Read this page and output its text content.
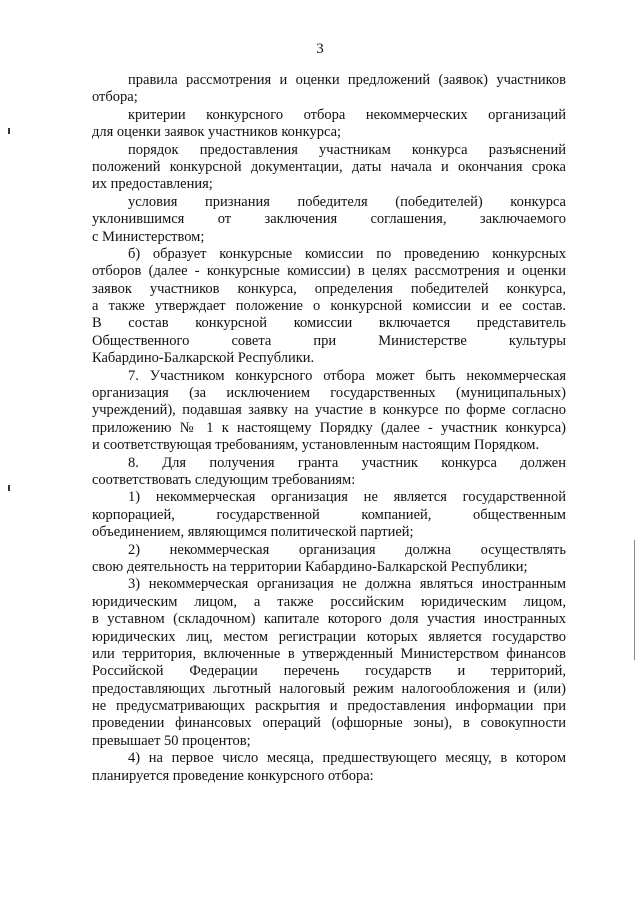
3
правила рассмотрения и оценки предложений (заявок) участников
отбора;
критерии конкурсного отбора некоммерческих организаций
для оценки заявок участников конкурса;
порядок предоставления участникам конкурса разъяснений
положений конкурсной документации, даты начала и окончания срока
их предоставления;
условия признания победителя (победителей) конкурса
уклонившимся от заключения соглашения, заключаемого
с Министерством;
б) образует конкурсные комиссии по проведению конкурсных
отборов (далее - конкурсные комиссии) в целях рассмотрения и оценки
заявок участников конкурса, определения победителей конкурса,
а также утверждает положение о конкурсной комиссии и ее состав.
В состав конкурсной комиссии включается представитель
Общественного совета при Министерстве культуры
Кабардино-Балкарской Республики.
7. Участником конкурсного отбора может быть некоммерческая
организация (за исключением государственных (муниципальных)
учреждений), подавшая заявку на участие в конкурсе по форме согласно
приложению № 1 к настоящему Порядку (далее - участник конкурса)
и соответствующая требованиям, установленным настоящим Порядком.
8. Для получения гранта участник конкурса должен
соответствовать следующим требованиям:
1) некоммерческая организация не является государственной
корпорацией, государственной компанией, общественным
объединением, являющимся политической партией;
2) некоммерческая организация должна осуществлять
свою деятельность на территории Кабардино-Балкарской Республики;
3) некоммерческая организация не должна являться иностранным
юридическим лицом, а также российским юридическим лицом,
в уставном (складочном) капитале которого доля участия иностранных
юридических лиц, местом регистрации которых является государство
или территория, включенные в утвержденный Министерством финансов
Российской Федерации перечень государств и территорий,
предоставляющих льготный налоговый режим налогообложения и (или)
не предусматривающих раскрытия и предоставления информации при
проведении финансовых операций (офшорные зоны), в совокупности
превышает 50 процентов;
4) на первое число месяца, предшествующего месяцу, в котором
планируется проведение конкурсного отбора:
